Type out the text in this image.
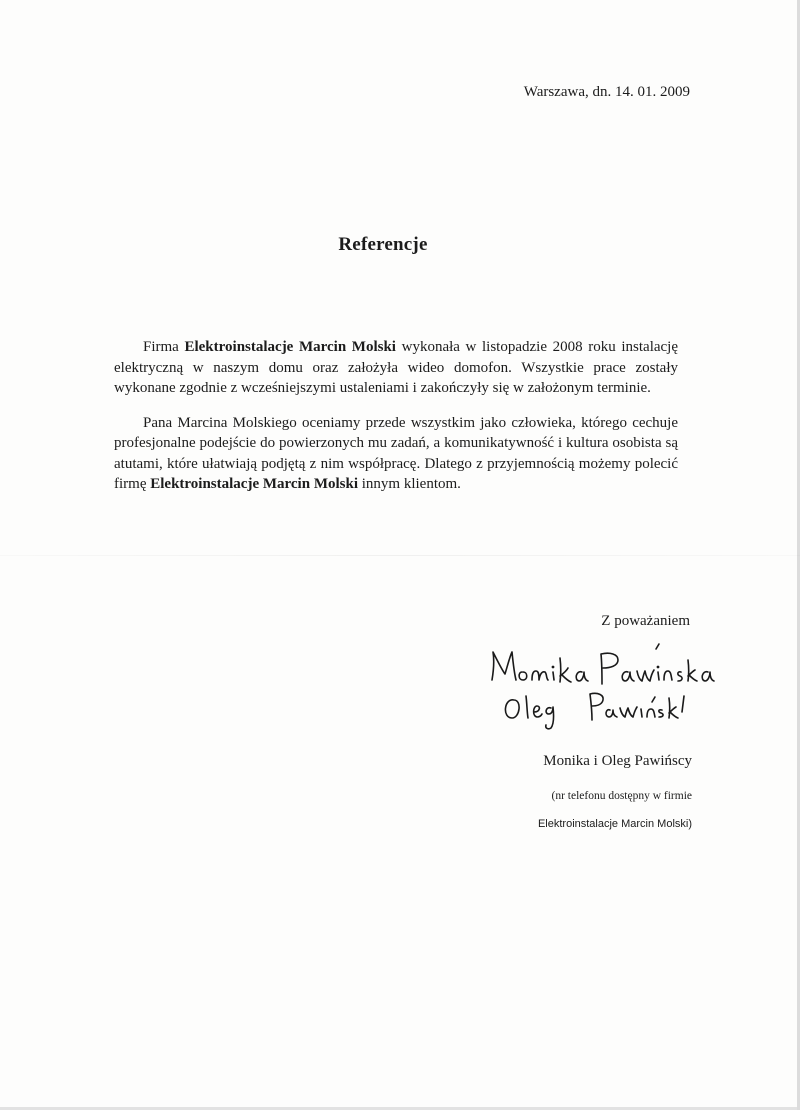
Warszawa, dn. 14. 01. 2009
Referencje

Firma Elektroinstalacje Marcin Molski wykonała w listopadzie 2008 roku instalację elektryczną w naszym domu oraz założyła wideo domofon. Wszystkie prace zostały wykonane zgodnie z wcześniejszymi ustaleniami i zakończyły się w założonym terminie.

Pana Marcina Molskiego oceniamy przede wszystkim jako człowieka, którego cechuje profesjonalne podejście do powierzonych mu zadań, a komunikatywność i kultura osobista są atutami, które ułatwiają podjętą z nim współpracę. Dlatego z przyjemnością możemy polecić firmę Elektroinstalacje Marcin Molski innym klientom.

Z poważaniem
Monika i Oleg Pawińscy
(nr telefonu dostępny w firmie
Elektroinstalacje Marcin Molski)
